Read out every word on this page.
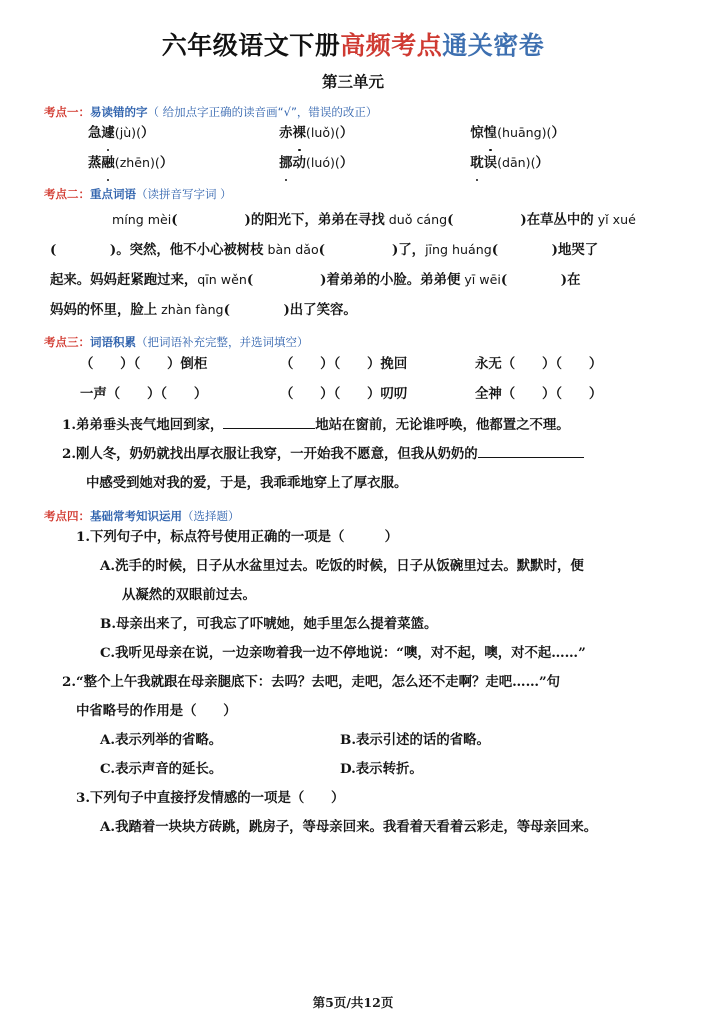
六年级语文下册高频考点通关密卷
第三单元
考点一：易读错的字（ 给加点字正确的读音画“√”，错误的改正）
急遽(jù)(）	赤裸(luǒ)(）	惊惶(huāng)(）
蒸融(zhēn)(）	挪动(luó)(）	耽误(dān)(）
考点二：重点词语（读拼音写字词 ）

míng mèi(　　　　　)的阳光下，弟弟在寻找 duǒ cáng(　　　　　)在草丛中的 yǐ xué

(　　　　)。突然，他不小心被树枝 bàn dǎo(　　　　　)了，jīng huáng(　　　　)地哭了

起来。妈妈赶紧跑过来，qīn wěn(　　　　　)着弟弟的小脸。弟弟便 yī wēi(　　　　)在

妈妈的怀里，脸上 zhàn fàng(　　　　)出了笑容。

考点三：词语积累（把词语补充完整，并选词填空）
（　　）（　　）倒柜	（　　）（　　）挽回	永无（　　）（　　）
一声（　　）（　　）	（　　）（　　）叨叨	全神（　　）（　　）

1.弟弟垂头丧气地回到家，	地站在窗前，无论谁呼唤，他都置之不理。

2.刚人冬，奶奶就找出厚衣服让我穿，一开始我不愿意，但我从奶奶的

中感受到她对我的爱，于是，我乖乖地穿上了厚衣服。

考点四：基础常考知识运用（选择题）
1.下列句子中，标点符号使用正确的一项是（　　　）
A.洗手的时候，日子从水盆里过去。吃饭的时候，日子从饭碗里过去。默默时，便
从凝然的双眼前过去。
B.母亲出来了，可我忘了吓唬她，她手里怎么提着菜篮。
C.我听见母亲在说，一边亲吻着我一边不停地说：“噢，对不起，噢，对不起……”
2.“整个上午我就跟在母亲腿底下：去吗？去吧，走吧，怎么还不走啊？走吧……”句
中省略号的作用是（　　）
A.表示列举的省略。	B.表示引述的话的省略。
C.表示声音的延长。	D.表示转折。
3.下列句子中直接抒发情感的一项是（　　）
A.我踏着一块块方砖跳，跳房子，等母亲回来。我看着天看着云彩走，等母亲回来。
第5页/共12页
